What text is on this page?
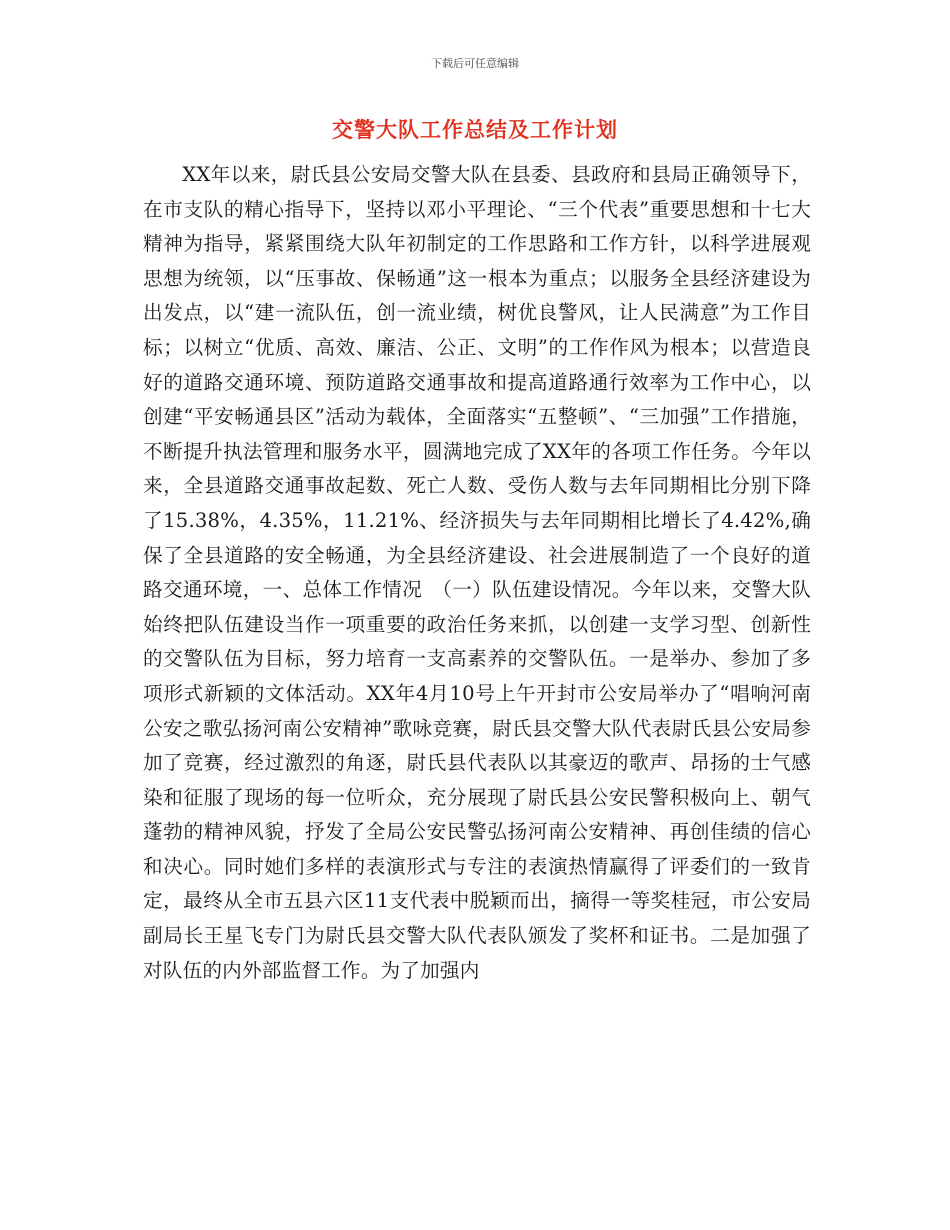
下载后可任意编辑
交警大队工作总结及工作计划

XX年以来，尉氏县公安局交警大队在县委、县政府和县局正确领导下，在市支队的精心指导下，坚持以邓小平理论、“三个代表”重要思想和十七大精神为指导，紧紧围绕大队年初制定的工作思路和工作方针，以科学进展观思想为统领，以“压事故、保畅通”这一根本为重点；以服务全县经济建设为出发点，以“建一流队伍，创一流业绩，树优良警风，让人民满意”为工作目标；以树立“优质、高效、廉洁、公正、文明”的工作作风为根本；以营造良好的道路交通环境、预防道路交通事故和提高道路通行效率为工作中心，以创建“平安畅通县区”活动为载体，全面落实“五整顿”、“三加强”工作措施，不断提升执法管理和服务水平，圆满地完成了XX年的各项工作任务。今年以来，全县道路交通事故起数、死亡人数、受伤人数与去年同期相比分别下降了15.38%，4.35%，11.21%、经济损失与去年同期相比增长了4.42%,确保了全县道路的安全畅通，为全县经济建设、社会进展制造了一个良好的道路交通环境，一、总体工作情况　（一）队伍建设情况。今年以来，交警大队始终把队伍建设当作一项重要的政治任务来抓，以创建一支学习型、创新性的交警队伍为目标，努力培育一支高素养的交警队伍。一是举办、参加了多项形式新颖的文体活动。XX年4月10号上午开封市公安局举办了“唱响河南公安之歌弘扬河南公安精神”歌咏竞赛，尉氏县交警大队代表尉氏县公安局参加了竞赛，经过激烈的角逐，尉氏县代表队以其豪迈的歌声、昂扬的士气感染和征服了现场的每一位听众，充分展现了尉氏县公安民警积极向上、朝气蓬勃的精神风貌，抒发了全局公安民警弘扬河南公安精神、再创佳绩的信心和决心。同时她们多样的表演形式与专注的表演热情赢得了评委们的一致肯定，最终从全市五县六区11支代表中脱颖而出，摘得一等奖桂冠，市公安局副局长王星飞专门为尉氏县交警大队代表队颁发了奖杯和证书。二是加强了对队伍的内外部监督工作。为了加强内
